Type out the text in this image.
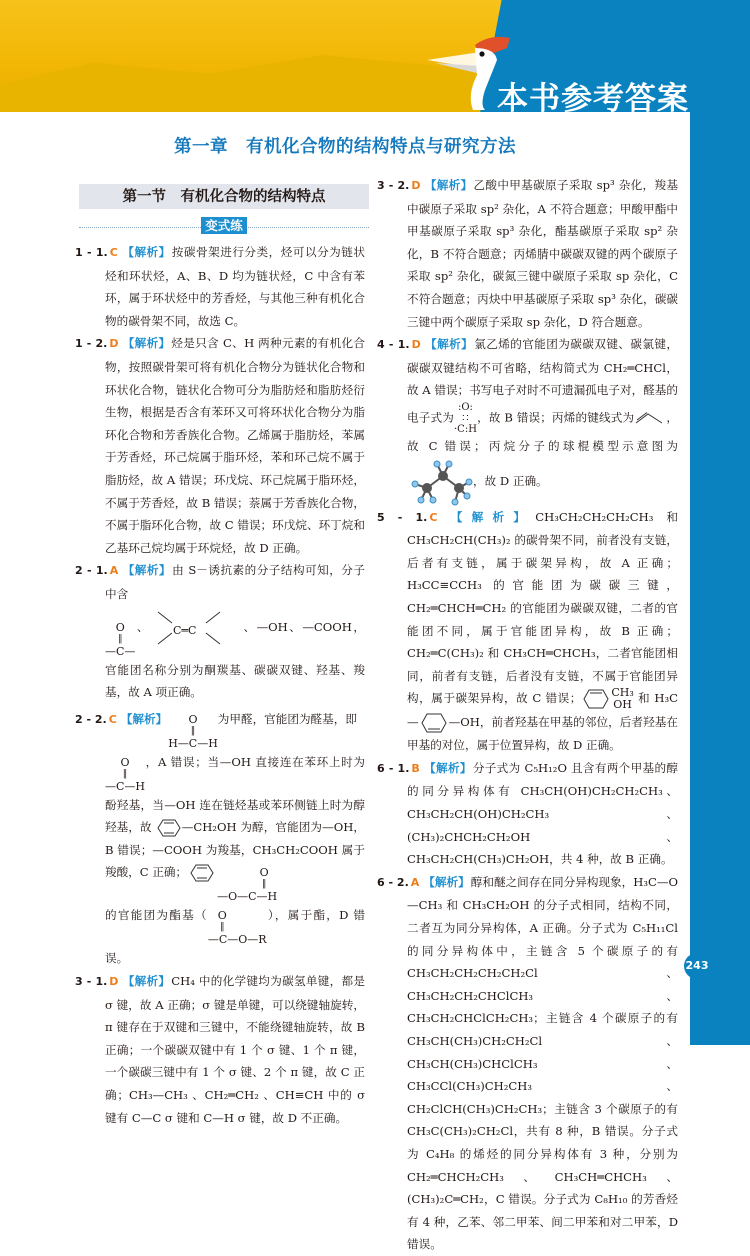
本书参考答案
第一章　有机化合物的结构特点与研究方法
第一节　有机化合物的结构特点
变式练

1 - 1. C 【解析】按碳骨架进行分类，烃可以分为链状烃和环状烃，A、B、D 均为链状烃，C 中含有苯环，属于环状烃中的芳香烃，与其他三种有机化合物的碳骨架不同，故选 C。

1 - 2. D 【解析】烃是只含 C、H 两种元素的有机化合物，按照碳骨架可将有机化合物分为链状化合物和环状化合物，链状化合物可分为脂肪烃和脂肪烃衍生物，根据是否含有苯环又可将环状化合物分为脂环化合物和芳香族化合物。乙烯属于脂肪烃，苯属于芳香烃，环己烷属于脂环烃，苯和环己烷不属于脂肪烃，故 A 错误；环戊烷、环己烷属于脂环烃，不属于芳香烃，故 B 错误；萘属于芳香族化合物，不属于脂环化合物，故 C 错误；环戊烷、环丁烷和乙基环己烷均属于环烷烃，故 D 正确。

2 - 1. A 【解析】由 S－诱抗素的分子结构可知，分子中含

O
‖
—C—
、 C═C	、—OH、—COOH，官能团名称分别为酮羰基、碳碳双键、羟基、羧基，故 A 项正确。

2 - 2. C 【解析】 O
‖
H—C—H
为甲醛，官能团为醛基，即

O
‖
—C—H
，A 错误；当—OH 直接连在苯环上时为酚羟基，当—OH 连在链烃基或苯环侧链上时为醇羟基，故	—CH₂OH 为醇，官能团为—OH，B 错误；—COOH 为羧基，CH₃CH₂COOH 属于羧酸，C 正确；	O
‖
—O—C—H

的官能团为酯基（ O
‖
—C—O—R
），属于酯，D 错误。

3 - 1. D 【解析】CH₄ 中的化学键均为碳氢单键，都是 σ 键，故 A 正确；σ 键是单键，可以绕键轴旋转，π 键存在于双键和三键中，不能绕键轴旋转，故 B 正确；一个碳碳双键中有 1 个 σ 键、1 个 π 键，一个碳碳三键中有 1 个 σ 键、2 个 π 键，故 C 正确；CH₃—CH₃ 、CH₂═CH₂ 、CH≡CH 中的 σ 键有 C—C σ 键和 C—H σ 键，故 D 不正确。

3 - 2. D 【解析】乙酸中甲基碳原子采取 sp³ 杂化，羧基中碳原子采取 sp² 杂化，A 不符合题意；甲酸甲酯中甲基碳原子采取 sp³ 杂化，酯基碳原子采取 sp² 杂化，B 不符合题意；丙烯腈中碳碳双键的两个碳原子采取 sp² 杂化，碳氮三键中碳原子采取 sp 杂化，C 不符合题意；丙炔中甲基碳原子采取 sp³ 杂化，碳碳三键中两个碳原子采取 sp 杂化，D 符合题意。

4 - 1. D 【解析】氯乙烯的官能团为碳碳双键、碳氯键，碳碳双键结构不可省略，结构简式为 CH₂═CHCl，故 A 错误；书写电子对时不可遗漏孤电子对，醛基的电子式为
:O:
∷
·C:H
，故 B 错误；丙烯的键线式为	，故 C 错误；丙烷分子的球棍模型示意图为，故 D 正确。

5 - 1. C 【解析】CH₃CH₂CH₂CH₂CH₃ 和 CH₃CH₂CH(CH₃)₂ 的碳骨架不同，前者没有支链，后者有支链，属于碳架异构，故 A 正确；H₃CC≡CCH₃ 的官能团为碳碳三键，CH₂═CHCH═CH₂ 的官能团为碳碳双键，二者的官能团不同，属于官能团异构，故 B 正确；CH₂═C(CH₃)₂ 和 CH₃CH═CHCH₃，二者官能团相同，前者有支链，后者没有支链，不属于官能团异构，属于碳架异构，故 C 错误；	CH₃
OH 和 H₃C—	—OH，前者羟基在甲基的邻位，后者羟基在甲基的对位，属于位置异构，故 D 正确。

6 - 1. B 【解析】分子式为 C₅H₁₂O 且含有两个甲基的醇的同分异构体有 CH₃CH(OH)CH₂CH₂CH₃、CH₃CH₂CH(OH)CH₂CH₃、(CH₃)₂CHCH₂CH₂OH、CH₃CH₂CH(CH₃)CH₂OH，共 4 种，故 B 正确。

6 - 2. A 【解析】醇和醚之间存在同分异构现象，H₃C—O—CH₃ 和 CH₃CH₂OH 的分子式相同，结构不同，二者互为同分异构体，A 正确。分子式为 C₅H₁₁Cl 的同分异构体中，主链含 5 个碳原子的有 CH₃CH₂CH₂CH₂CH₂Cl、CH₃CH₂CH₂CHClCH₃、CH₃CH₂CHClCH₂CH₃；主链含 4 个碳原子的有 CH₃CH(CH₃)CH₂CH₂Cl、CH₃CH(CH₃)CHClCH₃、CH₃CCl(CH₃)CH₂CH₃、CH₂ClCH(CH₃)CH₂CH₃；主链含 3 个碳原子的有 CH₃C(CH₃)₂CH₂Cl，共有 8 种，B 错误。分子式为 C₄H₈ 的烯烃的同分异构体有 3 种，分别为 CH₂═CHCH₂CH₃、CH₃CH═CHCH₃、(CH₃)₂C═CH₂，C 错误。分子式为 C₈H₁₀ 的芳香烃有 4 种，乙苯、邻二甲苯、间二甲苯和对二甲苯，D 错误。

243
